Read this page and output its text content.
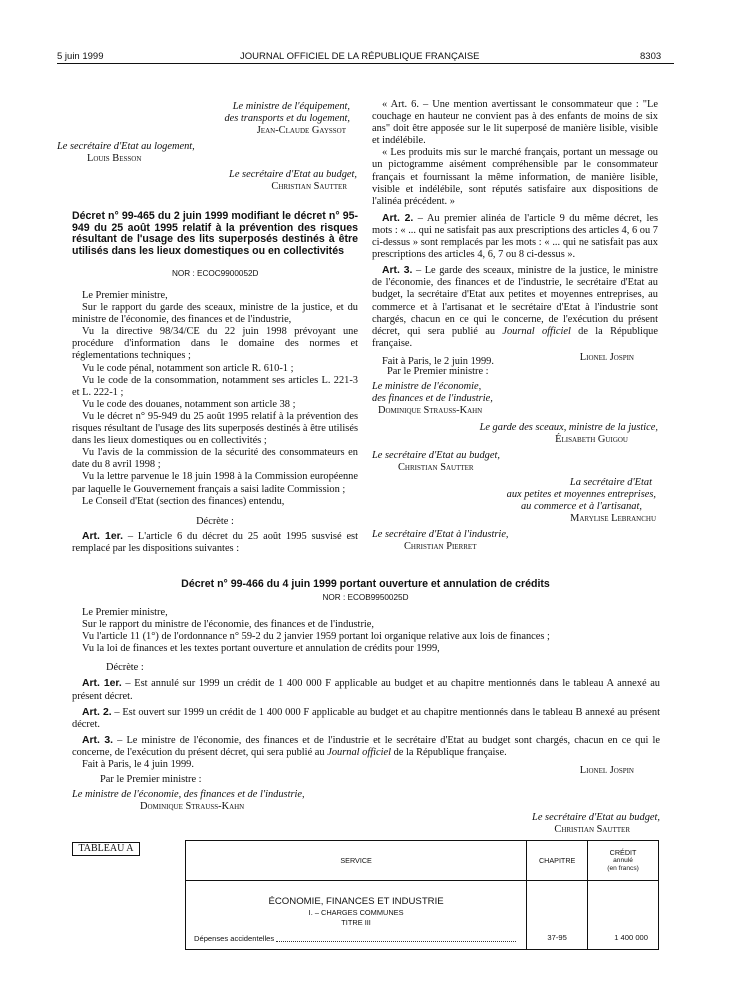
5 juin 1999	JOURNAL OFFICIEL DE LA RÉPUBLIQUE FRANÇAISE	8303
Le ministre de l'équipement,
des transports et du logement,
Jean-Claude Gayssot
Le secrétaire d'Etat au logement,
Louis Besson
Le secrétaire d'Etat au budget,
Christian Sautter
Décret n° 99-465 du 2 juin 1999 modifiant le décret n° 95-949 du 25 août 1995 relatif à la prévention des risques résultant de l'usage des lits superposés destinés à être utilisés dans les lieux domestiques ou en collectivités
NOR : ECOC9900052D

Le Premier ministre,

Sur le rapport du garde des sceaux, ministre de la justice, et du ministre de l'économie, des finances et de l'industrie,

Vu la directive 98/34/CE du 22 juin 1998 prévoyant une procédure d'information dans le domaine des normes et réglementations techniques ;

Vu le code pénal, notamment son article R. 610-1 ;

Vu le code de la consommation, notamment ses articles L. 221-3 et L. 222-1 ;

Vu le code des douanes, notamment son article 38 ;

Vu le décret n° 95-949 du 25 août 1995 relatif à la prévention des risques résultant de l'usage des lits superposés destinés à être utilisés dans les lieux domestiques ou en collectivités ;

Vu l'avis de la commission de la sécurité des consommateurs en date du 8 avril 1998 ;

Vu la lettre parvenue le 18 juin 1998 à la Commission européenne par laquelle le Gouvernement français a saisi ladite Commission ;

Le Conseil d'Etat (section des finances) entendu,

Décrète :

Art. 1er. – L'article 6 du décret du 25 août 1995 susvisé est remplacé par les dispositions suivantes :

« Art. 6. – Une mention avertissant le consommateur que : "Le couchage en hauteur ne convient pas à des enfants de moins de six ans" doit être apposée sur le lit superposé de manière lisible, visible et indélébile.

« Les produits mis sur le marché français, portant un message ou un pictogramme aisément compréhensible par le consommateur français et fournissant la même information, de manière lisible, visible et indélébile, sont réputés satisfaire aux dispositions de l'alinéa précédent. »

Art. 2. – Au premier alinéa de l'article 9 du même décret, les mots : « ... qui ne satisfait pas aux prescriptions des articles 4, 6 ou 7 ci-dessus » sont remplacés par les mots : « ... qui ne satisfait pas aux prescriptions des articles 4, 6, 7 ou 8 ci-dessus ».

Art. 3. – Le garde des sceaux, ministre de la justice, le ministre de l'économie, des finances et de l'industrie, le secrétaire d'Etat au budget, la secrétaire d'Etat aux petites et moyennes entreprises, au commerce et à l'artisanat et le secrétaire d'Etat à l'industrie sont chargés, chacun en ce qui le concerne, de l'exécution du présent décret, qui sera publié au Journal officiel de la République française.

Fait à Paris, le 2 juin 1999.	Lionel Jospin
Par le Premier ministre :
Le ministre de l'économie,
des finances et de l'industrie,
Dominique Strauss-Kahn
Le garde des sceaux, ministre de la justice,
Élisabeth Guigou
Le secrétaire d'Etat au budget,
Christian Sautter
La secrétaire d'Etat
aux petites et moyennes entreprises,
au commerce et à l'artisanat,
Marylise Lebranchu
Le secrétaire d'Etat à l'industrie,
Christian Pierret
Décret n° 99-466 du 4 juin 1999 portant ouverture et annulation de crédits
NOR : ECOB9950025D

Le Premier ministre,

Sur le rapport du ministre de l'économie, des finances et de l'industrie,

Vu l'article 11 (1°) de l'ordonnance n° 59-2 du 2 janvier 1959 portant loi organique relative aux lois de finances ;

Vu la loi de finances et les textes portant ouverture et annulation de crédits pour 1999,

Décrète :

Art. 1er. – Est annulé sur 1999 un crédit de 1 400 000 F applicable au budget et au chapitre mentionnés dans le tableau A annexé au présent décret.

Art. 2. – Est ouvert sur 1999 un crédit de 1 400 000 F applicable au budget et au chapitre mentionnés dans le tableau B annexé au présent décret.

Art. 3. – Le ministre de l'économie, des finances et de l'industrie et le secrétaire d'Etat au budget sont chargés, chacun en ce qui le concerne, de l'exécution du présent décret, qui sera publié au Journal officiel de la République française.

Fait à Paris, le 4 juin 1999.

Lionel Jospin
Par le Premier ministre :
Le ministre de l'économie, des finances et de l'industrie,
Dominique Strauss-Kahn
Le secrétaire d'Etat au budget,
Christian Sautter
TABLEAU A
SERVICE	CHAPITRE	CRÉDIT
annulé
(en francs)

ÉCONOMIE, FINANCES ET INDUSTRIE
I. – CHARGES COMMUNES
TITRE III
Dépenses accidentelles	37-95	1 400 000
